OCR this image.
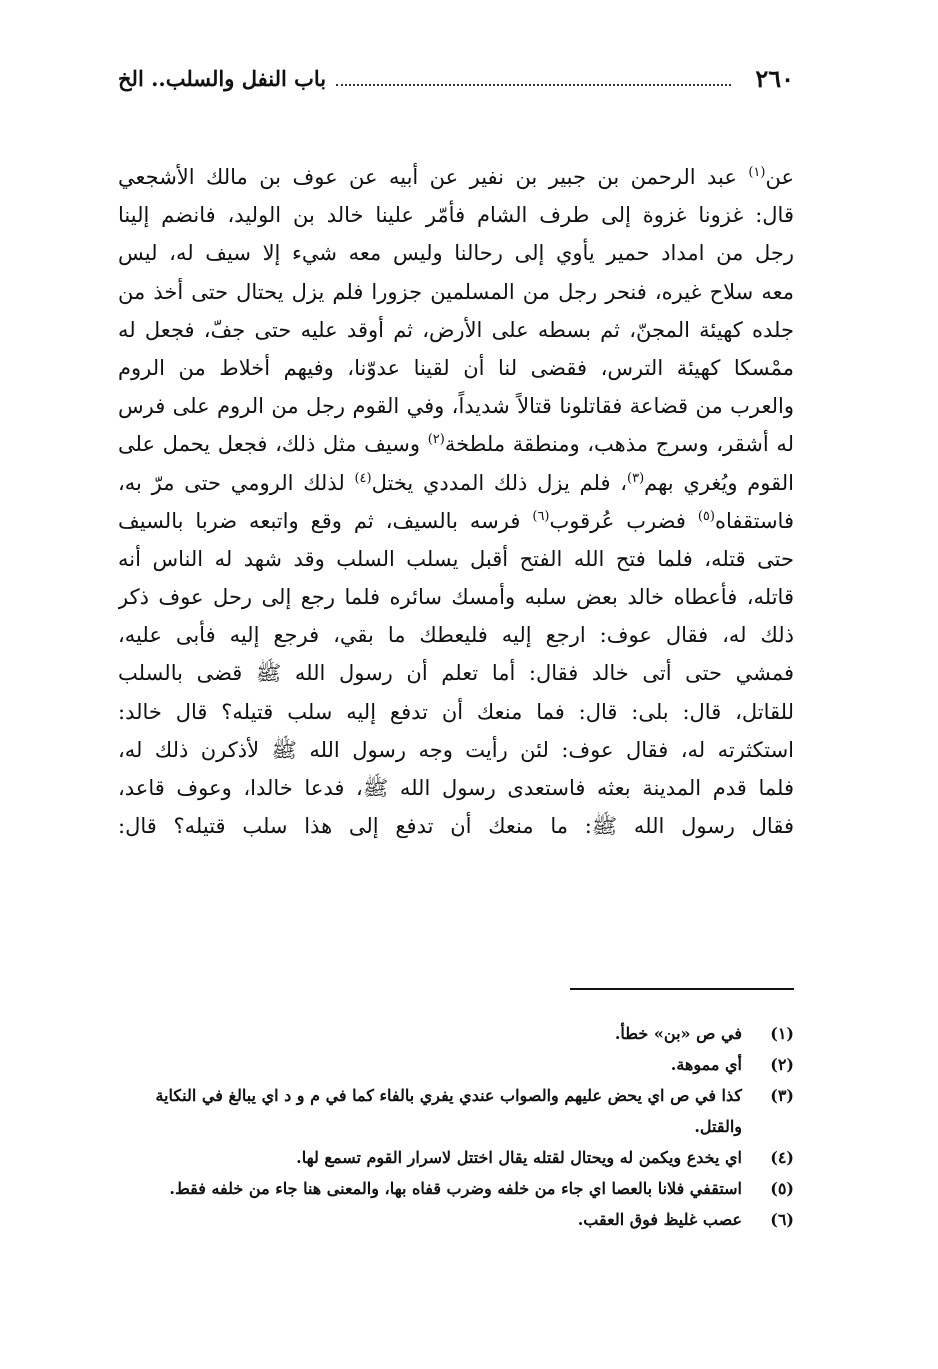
٢٦٠
باب النفل والسلب.. الخ
عن$^{(١)}$ عبد الرحمن بن جبير بن نفير عن أبيه عن عوف بن مالك الأشجعي
قال: غزونا غزوة إلى طرف الشام فأمّر علينا خالد بن الوليد، فانضم إلينا
رجل من امداد حمير يأوي إلى رحالنا وليس معه شيء إلا سيف له، ليس
معه سلاح غيره، فنحر رجل من المسلمين جزورا فلم يزل يحتال حتى أخذ من
جلده كهيئة المجنّ، ثم بسطه على الأرض، ثم أوقد عليه حتى جفّ، فجعل له
ممْسكا كهيئة الترس، فقضى لنا أن لقينا عدوّنا، وفيهم أخلاط من الروم
والعرب من قضاعة فقاتلونا قتالاً شديداً، وفي القوم رجل من الروم على فرس
له أشقر، وسرج مذهب، ومنطقة ملطخة$^{(٢)}$ وسيف مثل ذلك، فجعل يحمل على
القوم ويُغري بهم$^{(٣)}$، فلم يزل ذلك المددي يختل$^{(٤)}$ لذلك الرومي حتى مرّ به،
فاستقفاه$^{(٥)}$ فضرب عُرقوب$^{(٦)}$ فرسه بالسيف، ثم وقع واتبعه ضربا بالسيف
حتى قتله، فلما فتح الله الفتح أقبل يسلب السلب وقد شهد له الناس أنه
قاتله، فأعطاه خالد بعض سلبه وأمسك سائره فلما رجع إلى رحل عوف ذكر
ذلك له، فقال عوف: ارجع إليه فليعطك ما بقي، فرجع إليه فأبى عليه،
فمشي حتى أتى خالد فقال: أما تعلم أن رسول الله ﷺ قضى بالسلب
للقاتل، قال: بلى: قال: فما منعك أن تدفع إليه سلب قتيله؟ قال خالد:
استكثرته له، فقال عوف: لئن رأيت وجه رسول الله ﷺ لأذكرن ذلك له،
فلما قدم المدينة بعثه فاستعدى رسول الله ﷺ، فدعا خالدا، وعوف قاعد،
فقال رسول الله ﷺ: ما منعك أن تدفع إلى هذا سلب قتيله؟ قال:
(١)
في ص «بن» خطأ.
(٢)
أي مموهة.
(٣)
كذا في ص اي يحض عليهم والصواب عندي يفري بالفاء كما في م و د اي يبالغ في النكاية والقتل.
(٤)
اي يخدع ويكمن له ويحتال لقتله يقال اختتل لاسرار القوم تسمع لها.
(٥)
استقفي فلانا بالعصا اي جاء من خلفه وضرب قفاه بها، والمعنى هنا جاء من خلفه فقط.
(٦)
عصب غليظ فوق العقب.
